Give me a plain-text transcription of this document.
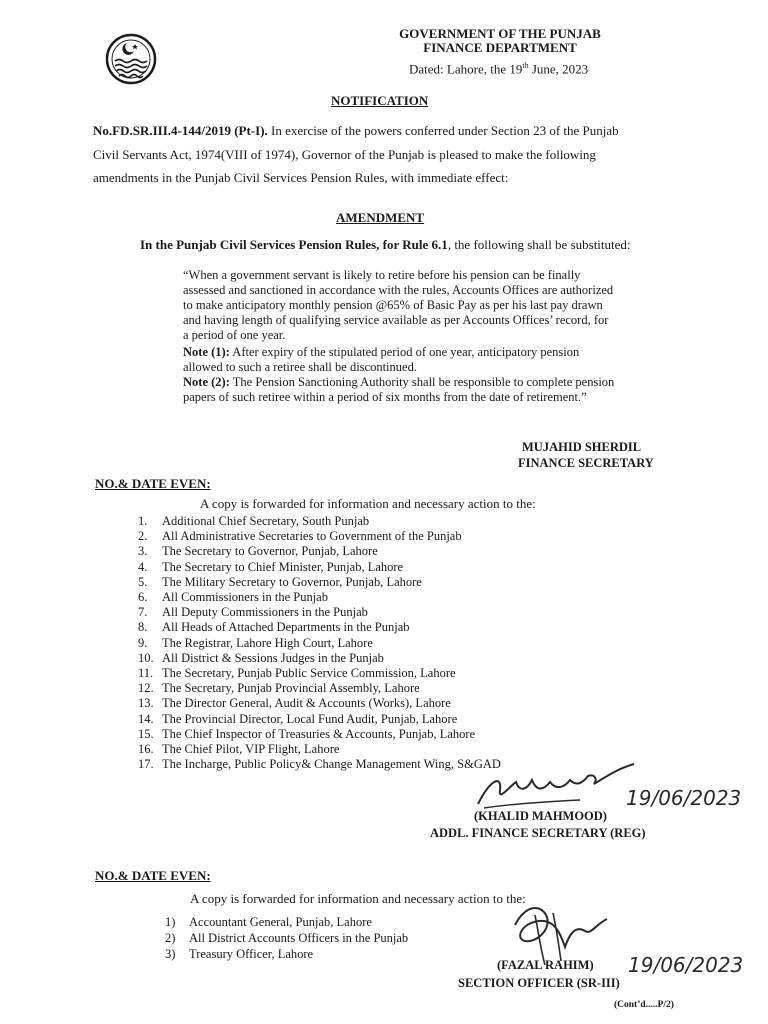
GOVERNMENT OF THE PUNJAB
FINANCE DEPARTMENT
Dated: Lahore, the 19th June, 2023
NOTIFICATION
No.FD.SR.III.4-144/2019 (Pt-I). In exercise of the powers conferred under Section 23 of the Punjab
Civil Servants Act, 1974(VIII of 1974), Governor of the Punjab is pleased to make the following
amendments in the Punjab Civil Services Pension Rules, with immediate effect:
AMENDMENT
In the Punjab Civil Services Pension Rules, for Rule 6.1, the following shall be substituted:
“When a government servant is likely to retire before his pension can be finally
assessed and sanctioned in accordance with the rules, Accounts Offices are authorized
to make anticipatory monthly pension @65% of Basic Pay as per his last pay drawn
and having length of qualifying service available as per Accounts Offices’ record, for
a period of one year.
Note (1): After expiry of the stipulated period of one year, anticipatory pension
allowed to such a retiree shall be discontinued.
Note (2): The Pension Sanctioning Authority shall be responsible to complete pension
papers of such retiree within a period of six months from the date of retirement.”
MUJAHID SHERDIL
FINANCE SECRETARY
NO.& DATE EVEN:
A copy is forwarded for information and necessary action to the:
1. Additional Chief Secretary, South Punjab
2. All Administrative Secretaries to Government of the Punjab
3. The Secretary to Governor, Punjab, Lahore
4. The Secretary to Chief Minister, Punjab, Lahore
5. The Military Secretary to Governor, Punjab, Lahore
6. All Commissioners in the Punjab
7. All Deputy Commissioners in the Punjab
8. All Heads of Attached Departments in the Punjab
9. The Registrar, Lahore High Court, Lahore
10. All District & Sessions Judges in the Punjab
11. The Secretary, Punjab Public Service Commission, Lahore
12. The Secretary, Punjab Provincial Assembly, Lahore
13. The Director General, Audit & Accounts (Works), Lahore
14. The Provincial Director, Local Fund Audit, Punjab, Lahore
15. The Chief Inspector of Treasuries & Accounts, Punjab, Lahore
16. The Chief Pilot, VIP Flight, Lahore
17. The Incharge, Public Policy& Change Management Wing, S&GAD
19/06/2023
(KHALID MAHMOOD)
ADDL. FINANCE SECRETARY (REG)
NO.& DATE EVEN:
A copy is forwarded for information and necessary action to the:
1) Accountant General, Punjab, Lahore
2) All District Accounts Officers in the Punjab
3) Treasury Officer, Lahore	19/06/2023
(FAZAL RAHIM)
SECTION OFFICER (SR-III)
(Cont’d.....P/2)
